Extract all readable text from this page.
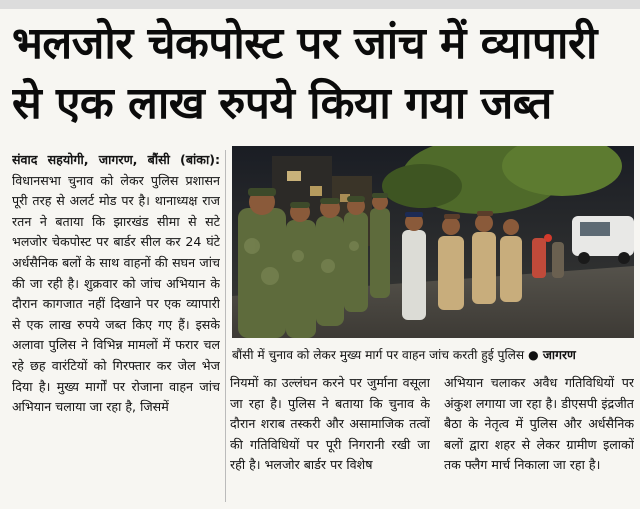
भलजोर चेकपोस्ट पर जांच में व्यापारी
से एक लाख रुपये किया गया जब्त
संवाद सहयोगी, जागरण, बौंसी (बांका): विधानसभा चुनाव को लेकर पुलिस प्रशासन पूरी तरह से अलर्ट मोड पर है। थानाध्यक्ष राज रतन ने बताया कि झारखंड सीमा से सटे भलजोर चेकपोस्ट पर बार्डर सील कर 24 घंटे अर्धसैनिक बलों के साथ वाहनों की सघन जांच की जा रही है। शुक्रवार को जांच अभियान के दौरान कागजात नहीं दिखाने पर एक व्यापारी से एक लाख रुपये जब्त किए गए हैं। इसके अलावा पुलिस ने विभिन्न मामलों में फरार चल रहे छह वारंटियों को गिरफ्तार कर जेल भेज दिया है। मुख्य मार्गों पर रोजाना वाहन जांच अभियान चलाया जा रहा है, जिसमें
बौंसी में चुनाव को लेकर मुख्य मार्ग पर वाहन जांच करती हुई पुलिस ● जागरण
नियमों का उल्लंघन करने पर जुर्माना वसूला जा रहा है। पुलिस ने बताया कि चुनाव के दौरान शराब तस्करी और असामाजिक तत्वों की गतिविधियों पर पूरी निगरानी रखी जा रही है। भलजोर बार्डर पर विशेष
अभियान चलाकर अवैध गतिविधियों पर अंकुश लगाया जा रहा है। डीएसपी इंद्रजीत बैठा के नेतृत्व में पुलिस और अर्धसैनिक बलों द्वारा शहर से लेकर ग्रामीण इलाकों तक फ्लैग मार्च निकाला जा रहा है।
